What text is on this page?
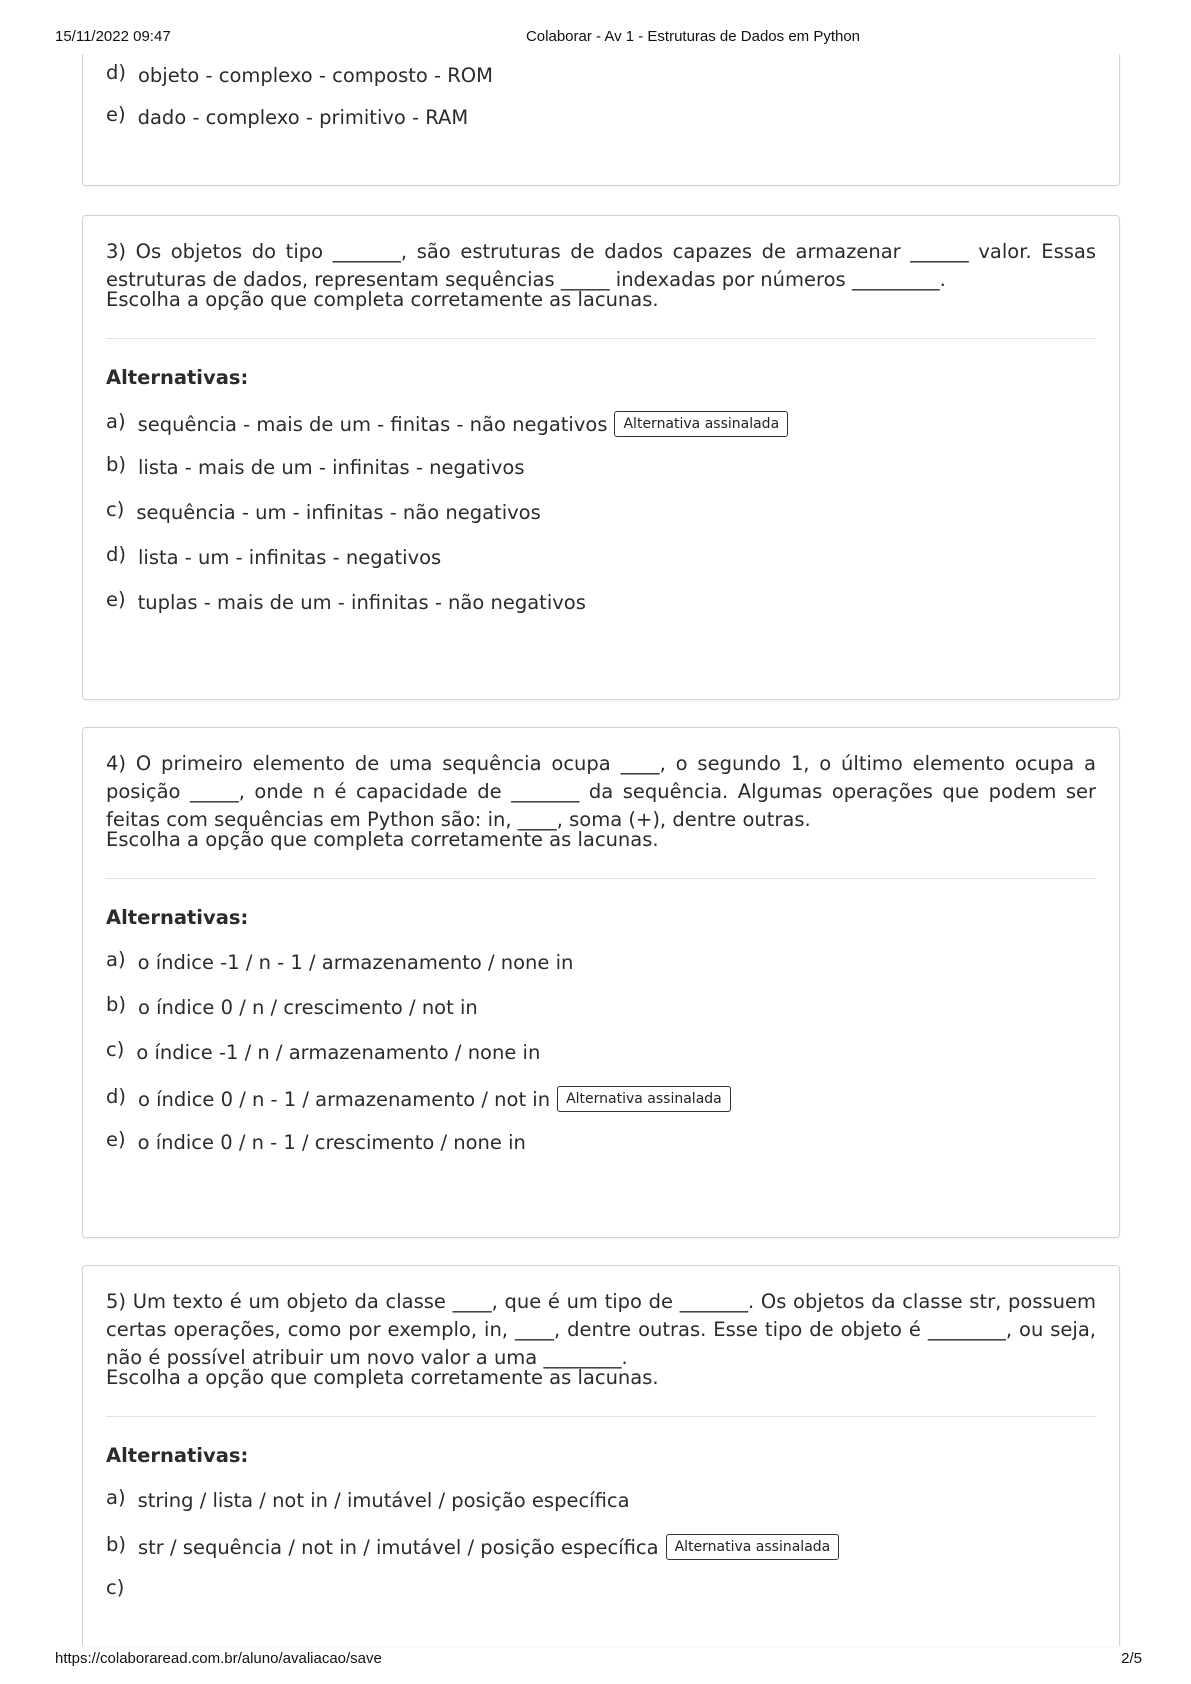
15/11/2022 09:47	Colaborar - Av 1 - Estruturas de Dados em Python
d) objeto - complexo - composto - ROM
e) dado - complexo - primitivo - RAM
3) Os objetos do tipo _______, são estruturas de dados capazes de armazenar ______ valor. Essas estruturas de dados, representam sequências _____ indexadas por números _________.
Escolha a opção que completa corretamente as lacunas.
Alternativas:
a) sequência - mais de um - finitas - não negativos	Alternativa assinalada
b) lista - mais de um - infinitas - negativos
c) sequência - um - infinitas - não negativos
d) lista - um - infinitas - negativos
e) tuplas - mais de um - infinitas - não negativos
4) O primeiro elemento de uma sequência ocupa ____, o segundo 1, o último elemento ocupa a posição _____, onde n é capacidade de _______ da sequência. Algumas operações que podem ser feitas com sequências em Python são: in, ____, soma (+), dentre outras.
Escolha a opção que completa corretamente as lacunas.
Alternativas:
a) o índice -1 / n - 1 / armazenamento / none in
b) o índice 0 / n / crescimento / not in
c) o índice -1 / n / armazenamento / none in
d) o índice 0 / n - 1 / armazenamento / not in	Alternativa assinalada
e) o índice 0 / n - 1 / crescimento / none in
5) Um texto é um objeto da classe ____, que é um tipo de _______. Os objetos da classe str, possuem certas operações, como por exemplo, in, ____, dentre outras. Esse tipo de objeto é ________, ou seja, não é possível atribuir um novo valor a uma ________.
Escolha a opção que completa corretamente as lacunas.
Alternativas:
a) string / lista / not in / imutável / posição específica
b) str / sequência / not in / imutável / posição específica	Alternativa assinalada
c)
https://colaboraread.com.br/aluno/avaliacao/save	2/5
